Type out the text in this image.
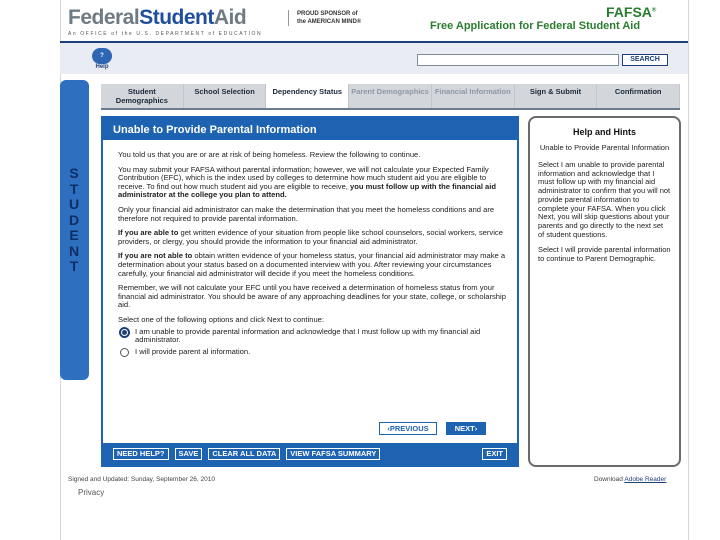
FederalStudentAid
An OFFICE of the U.S. DEPARTMENT of EDUCATION
PROUD SPONSOR of
the AMERICAN MIND®
FAFSA®
Free Application for Federal Student Aid
?
Help
SEARCH
S
T
U
D
E
N
T
Student Demographics
School Selection	Dependency Status	Parent Demographics Financial Information	Sign & Submit	Confirmation
Unable to Provide Parental Information

You told us that you are or are at risk of being homeless. Review the following to continue.

You may submit your FAFSA without parental information; however, we will not calculate your Expected Family Contribution (EFC), which is the index used by colleges to determine how much student aid you are eligible to receive. To find out how much student aid you are eligible to receive, you must follow up with the financial aid administrator at the college you plan to attend.

Only your financial aid administrator can make the determination that you meet the homeless conditions and are therefore not required to provide parental information.

If you are able to get written evidence of your situation from people like school counselors, social workers, service providers, or clergy, you should provide the information to your financial aid administrator.

If you are not able to obtain written evidence of your homeless status, your financial aid administrator may make a determination about your status based on a documented interview with you. After reviewing your circumstances carefully, your financial aid administrator will decide if you meet the homeless conditions.

Remember, we will not calculate your EFC until you have received a determination of homeless status from your financial aid administrator. You should be aware of any approaching deadlines for your state, college, or scholarship aid.

Select one of the following options and click Next to continue:
I am unable to provide parental information and acknowledge that I must follow up with my financial aid administrator.
I will provide parent al information.
‹PREVIOUS	NEXT›
NEED HELP?	SAVE	CLEAR ALL DATA	VIEW FAFSA SUMMARY	EXIT
Help and Hints
Unable to Provide Parental Information

Select I am unable to provide parental information and acknowledge that I must follow up with my financial aid administrator to confirm that you will not provide parental information to complete your FAFSA. When you click Next, you will skip questions about your parents and go directly to the next set of student questions.

Select I will provide parental information to continue to Parent Demographic.

Signed and Updated: Sunday, September 26, 2010	Download Adobe Reader
Privacy
